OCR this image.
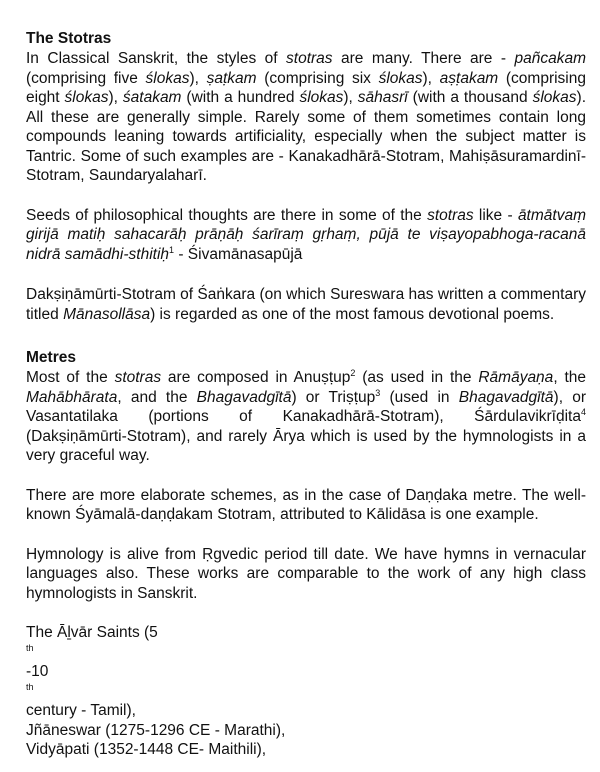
The Stotras

In Classical Sanskrit, the styles of stotras are many. There are - pañcakam (comprising five ślokas), ṣaṭkam (comprising six ślokas), aṣṭakam (comprising eight ślokas), śatakam (with a hundred ślokas), sāhasrī (with a thousand ślokas). All these are generally simple. Rarely some of them sometimes contain long compounds leaning towards artificiality, especially when the subject matter is Tantric. Some of such examples are - Kanakadhārā-Stotram, Mahiṣāsuramardinī-Stotram, Saundaryalaharī.

Seeds of philosophical thoughts are there in some of the stotras like - ātmātvaṃ girijā matiḥ sahacarāḥ prāṇāḥ śarīraṃ gṛhaṃ, pūjā te viṣayopabhoga-racanā nidrā samādhi-sthitiḥ$^1$ - Śivamānasapūjā

Dakṣiṇāmūrti-Stotram of Śaṅkara (on which Sureswara has written a commentary titled Mānasollāsa) is regarded as one of the most famous devotional poems.

Metres

Most of the stotras are composed in Anuṣṭup$^2$ (as used in the Rāmāyaṇa, the Mahābhārata, and the Bhagavadgītā) or Triṣṭup$^3$ (used in Bhagavadgītā), or Vasantatilaka (portions of Kanakadhārā-Stotram), Śārdulavikrīḍita$^4$ (Dakṣiṇāmūrti-Stotram), and rarely Ārya which is used by the hymnologists in a very graceful way.

There are more elaborate schemes, as in the case of Daṇḍaka metre. The well-known Śyāmalā-daṇḍakam Stotram, attributed to Kālidāsa is one example.

Hymnology is alive from Ṛgvedic period till date. We have hymns in vernacular languages also. These works are comparable to the work of any high class hymnologists in Sanskrit.

The Āḻvār Saints (5
$^{th}$
-10
$^{th}$
century - Tamil),
Jñāneswar (1275-1296 CE - Marathi),
Vidyāpati (1352-1448 CE- Maithili),
